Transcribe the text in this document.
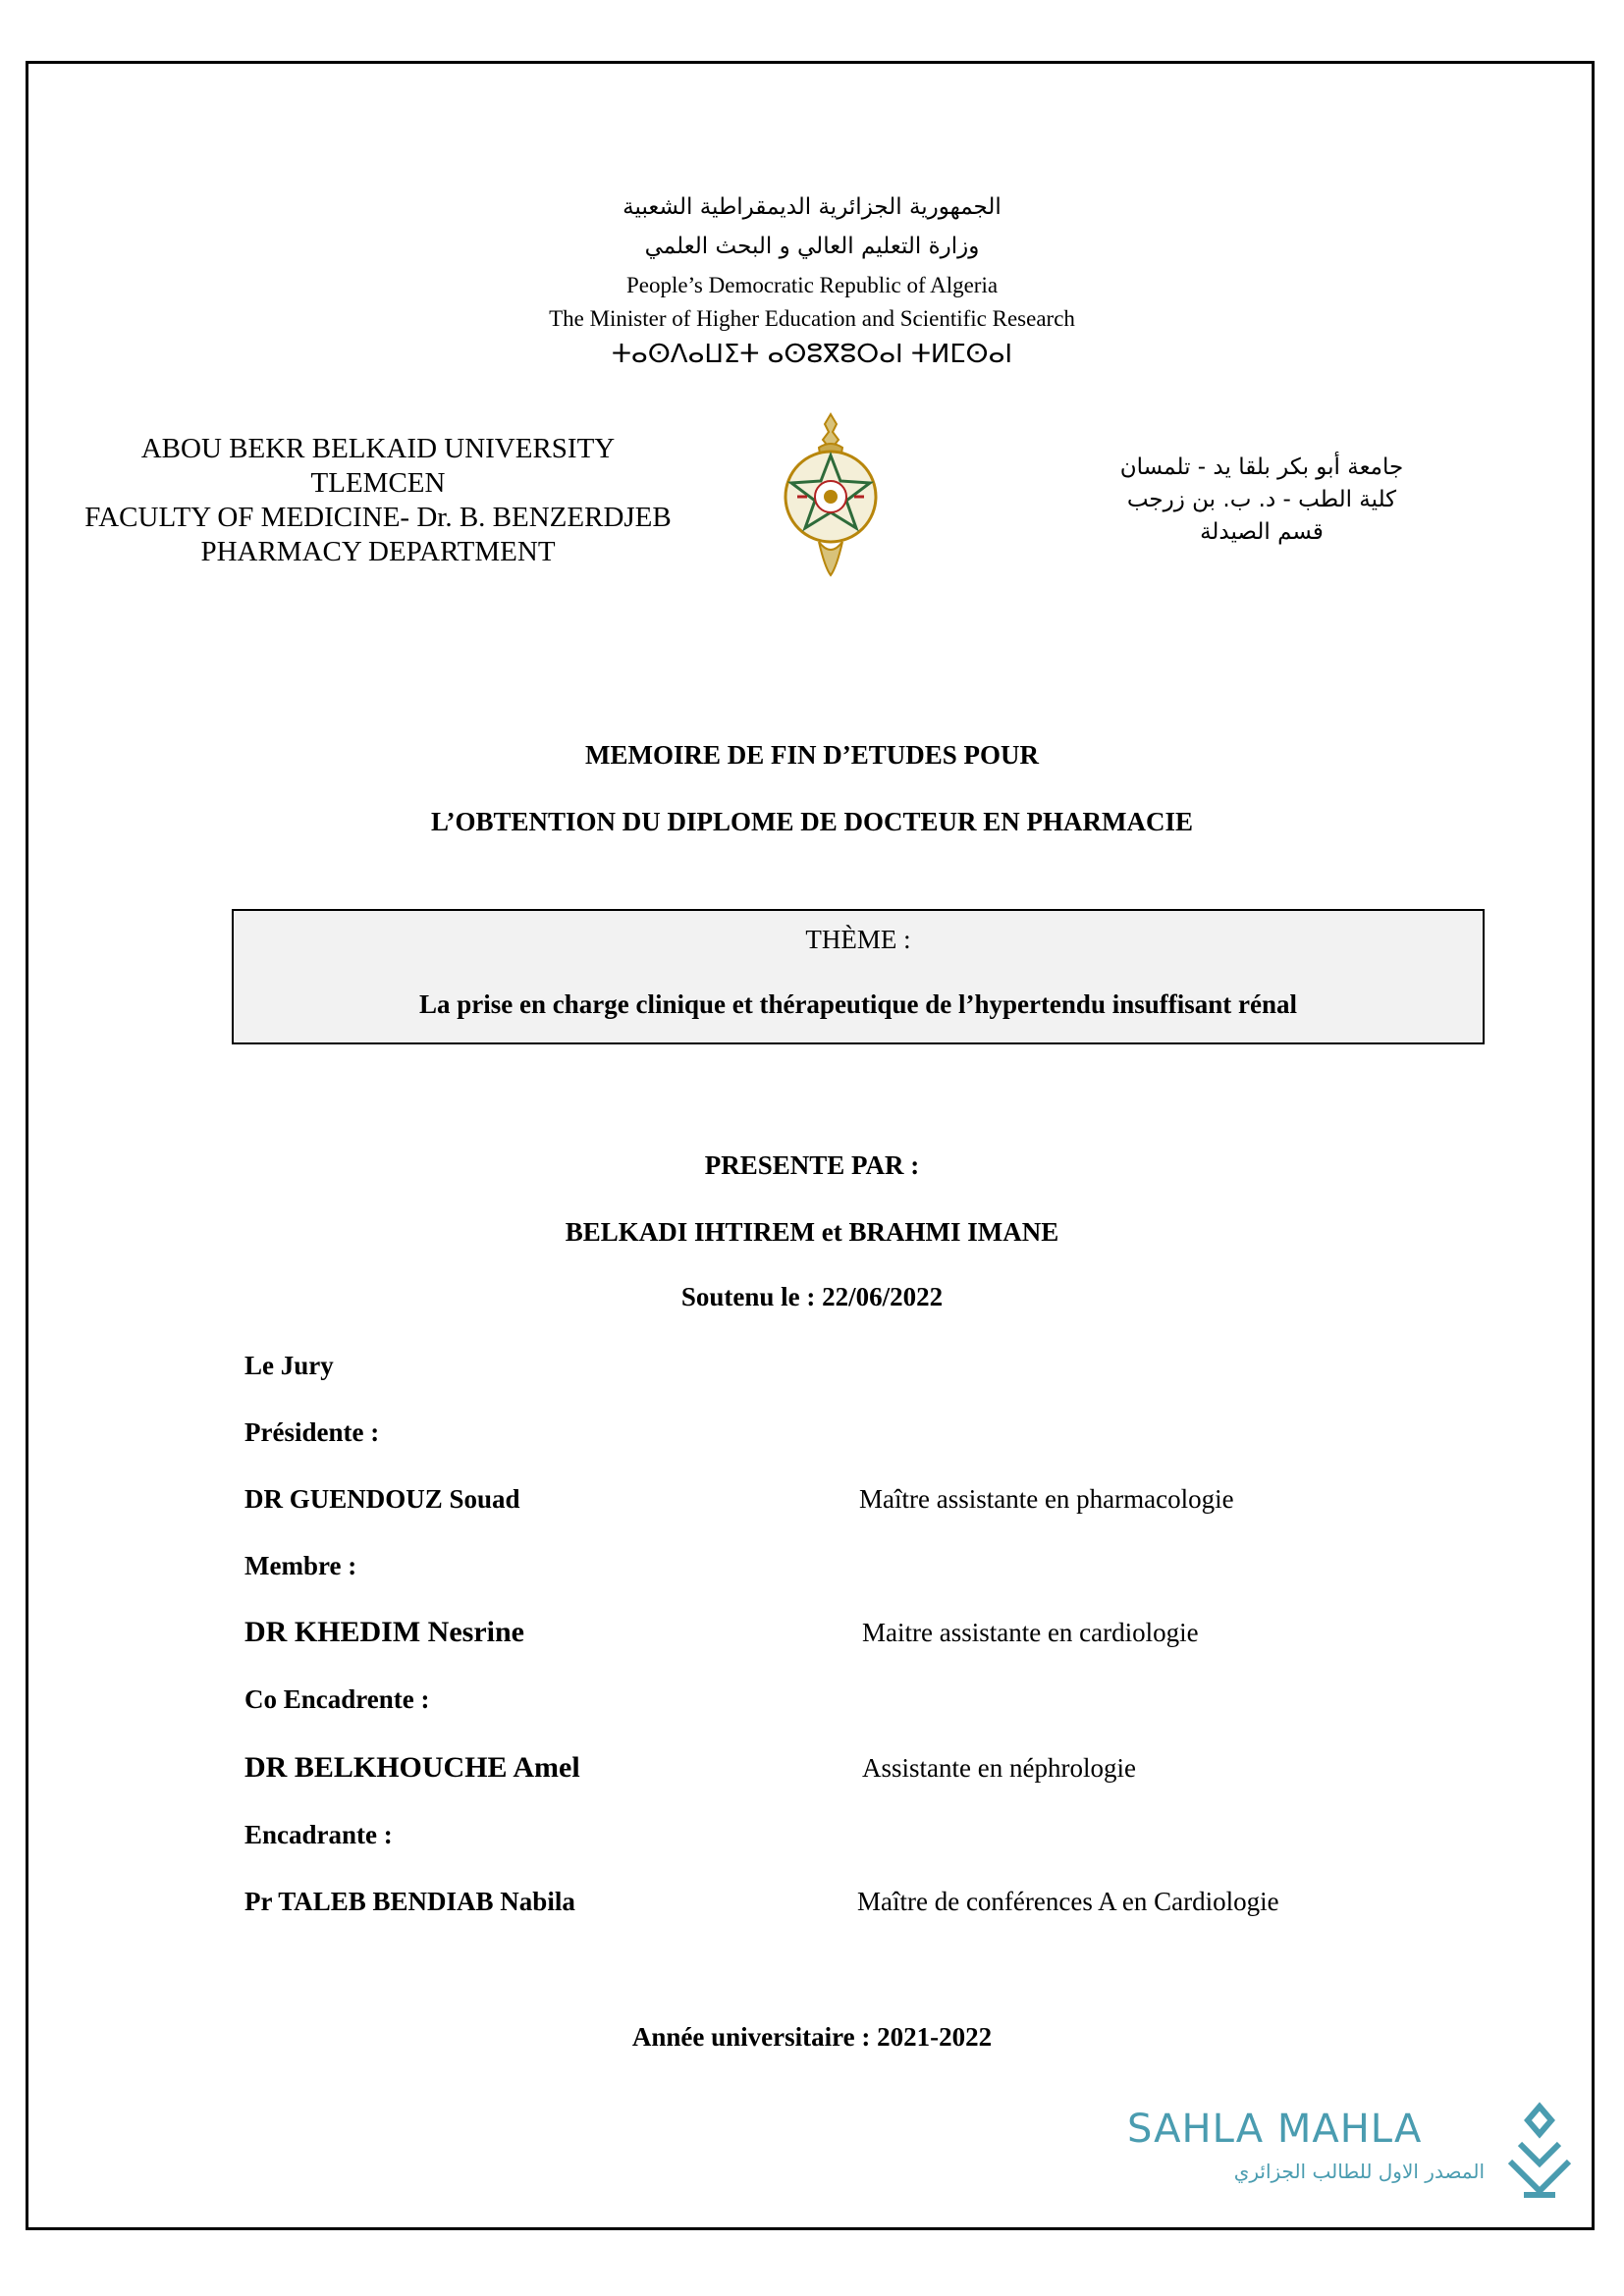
الجمهورية الجزائرية الديمقراطية الشعبية
وزارة التعليم العالي و البحث العلمي
People’s Democratic Republic of Algeria
The Minister of Higher Education and Scientific Research
ⵜⴰⵙⴷⴰⵡⵉⵜ ⴰⵙⵓⴳⵓⵔⴰⵏ ⵜⵍⵎⵙⴰⵏ
ABOU BEKR BELKAID UNIVERSITY
TLEMCEN
FACULTY OF MEDICINE- Dr. B. BENZERDJEB
PHARMACY DEPARTMENT
جامعة أبو بكر بلقا يد - تلمسان
كلية الطب - د. ب. بن زرجب
قسم الصيدلة
MEMOIRE DE FIN D’ETUDES POUR
L’OBTENTION DU DIPLOME DE DOCTEUR EN PHARMACIE
THÈME :
La prise en charge clinique et thérapeutique de l’hypertendu insuffisant rénal
PRESENTE PAR :
BELKADI IHTIREM et BRAHMI IMANE
Soutenu le : 22/06/2022
Le Jury
Présidente :
DR GUENDOUZ Souad	Maître assistante en pharmacologie
Membre :
DR KHEDIM Nesrine	Maitre assistante en cardiologie
Co Encadrente :
DR BELKHOUCHE Amel	Assistante en néphrologie
Encadrante :
Pr TALEB BENDIAB Nabila	Maître de conférences A en Cardiologie
Année universitaire : 2021-2022
SAHLA MAHLA
المصدر الاول للطالب الجزائري
